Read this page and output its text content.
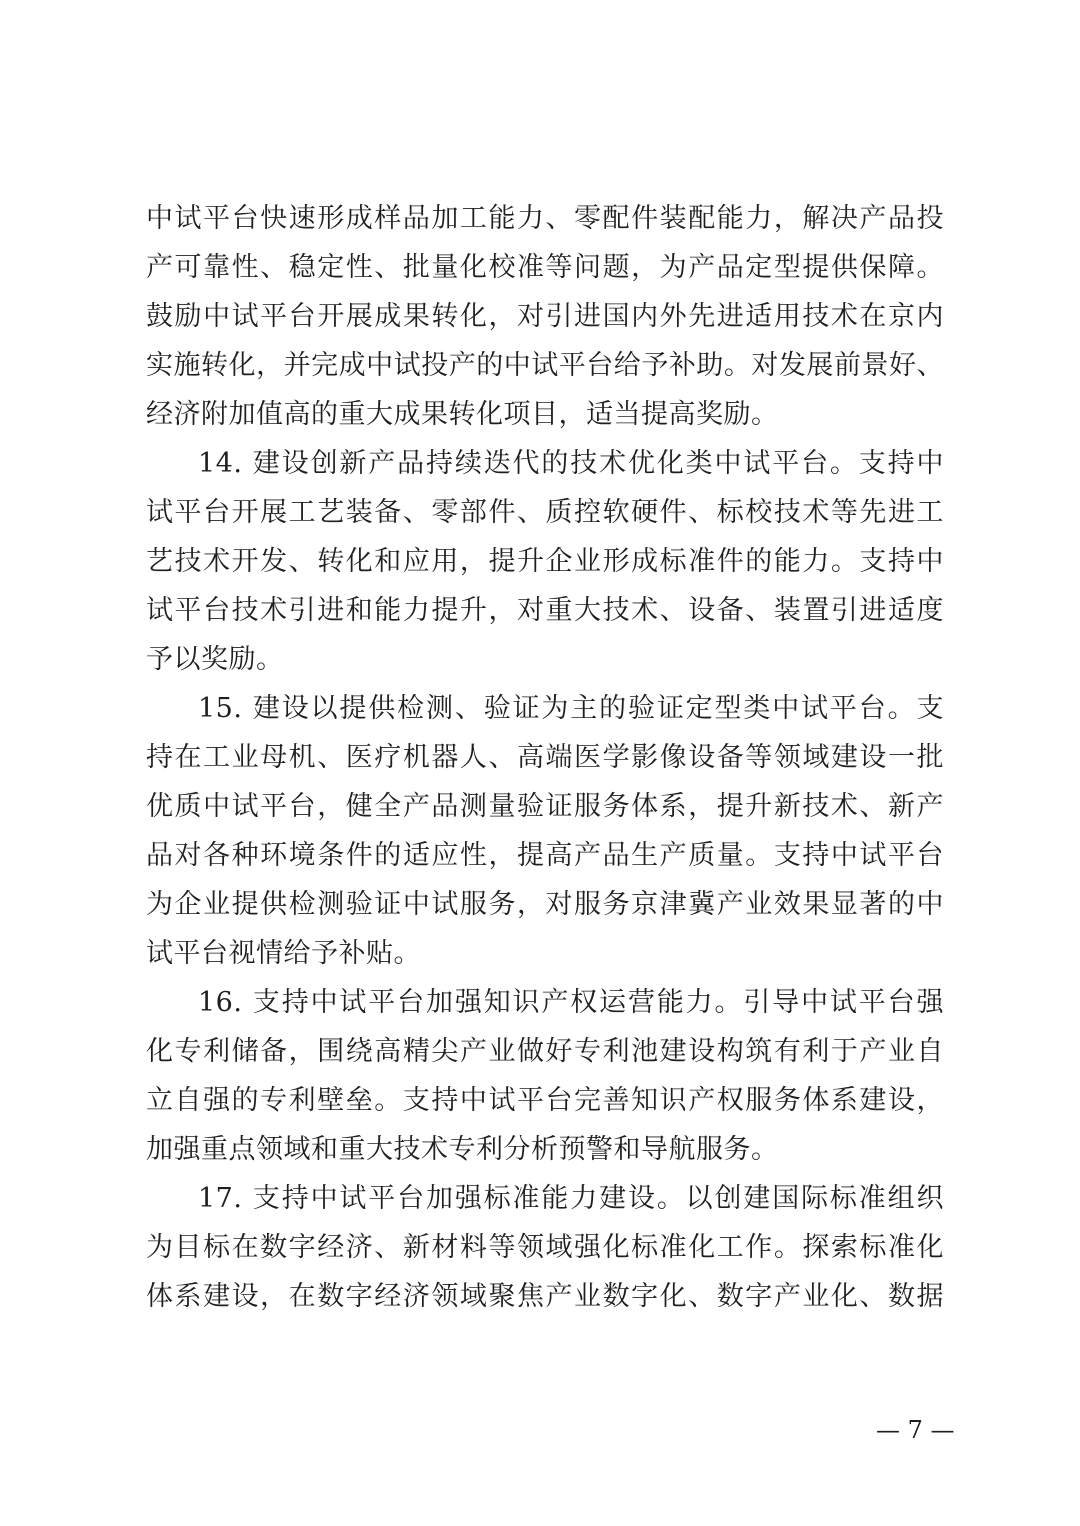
中试平台快速形成样品加工能力、零配件装配能力，解决产品投
产可靠性、稳定性、批量化校准等问题，为产品定型提供保障。
鼓励中试平台开展成果转化，对引进国内外先进适用技术在京内
实施转化，并完成中试投产的中试平台给予补助。对发展前景好、
经济附加值高的重大成果转化项目，适当提高奖励。
14. 建设创新产品持续迭代的技术优化类中试平台。支持中
试平台开展工艺装备、零部件、质控软硬件、标校技术等先进工
艺技术开发、转化和应用，提升企业形成标准件的能力。支持中
试平台技术引进和能力提升，对重大技术、设备、装置引进适度
予以奖励。
15. 建设以提供检测、验证为主的验证定型类中试平台。支
持在工业母机、医疗机器人、高端医学影像设备等领域建设一批
优质中试平台，健全产品测量验证服务体系，提升新技术、新产
品对各种环境条件的适应性，提高产品生产质量。支持中试平台
为企业提供检测验证中试服务，对服务京津冀产业效果显著的中
试平台视情给予补贴。
16. 支持中试平台加强知识产权运营能力。引导中试平台强
化专利储备，围绕高精尖产业做好专利池建设构筑有利于产业自
立自强的专利壁垒。支持中试平台完善知识产权服务体系建设，
加强重点领域和重大技术专利分析预警和导航服务。
17. 支持中试平台加强标准能力建设。以创建国际标准组织
为目标在数字经济、新材料等领域强化标准化工作。探索标准化
体系建设，在数字经济领域聚焦产业数字化、数字产业化、数据
— 7 —
